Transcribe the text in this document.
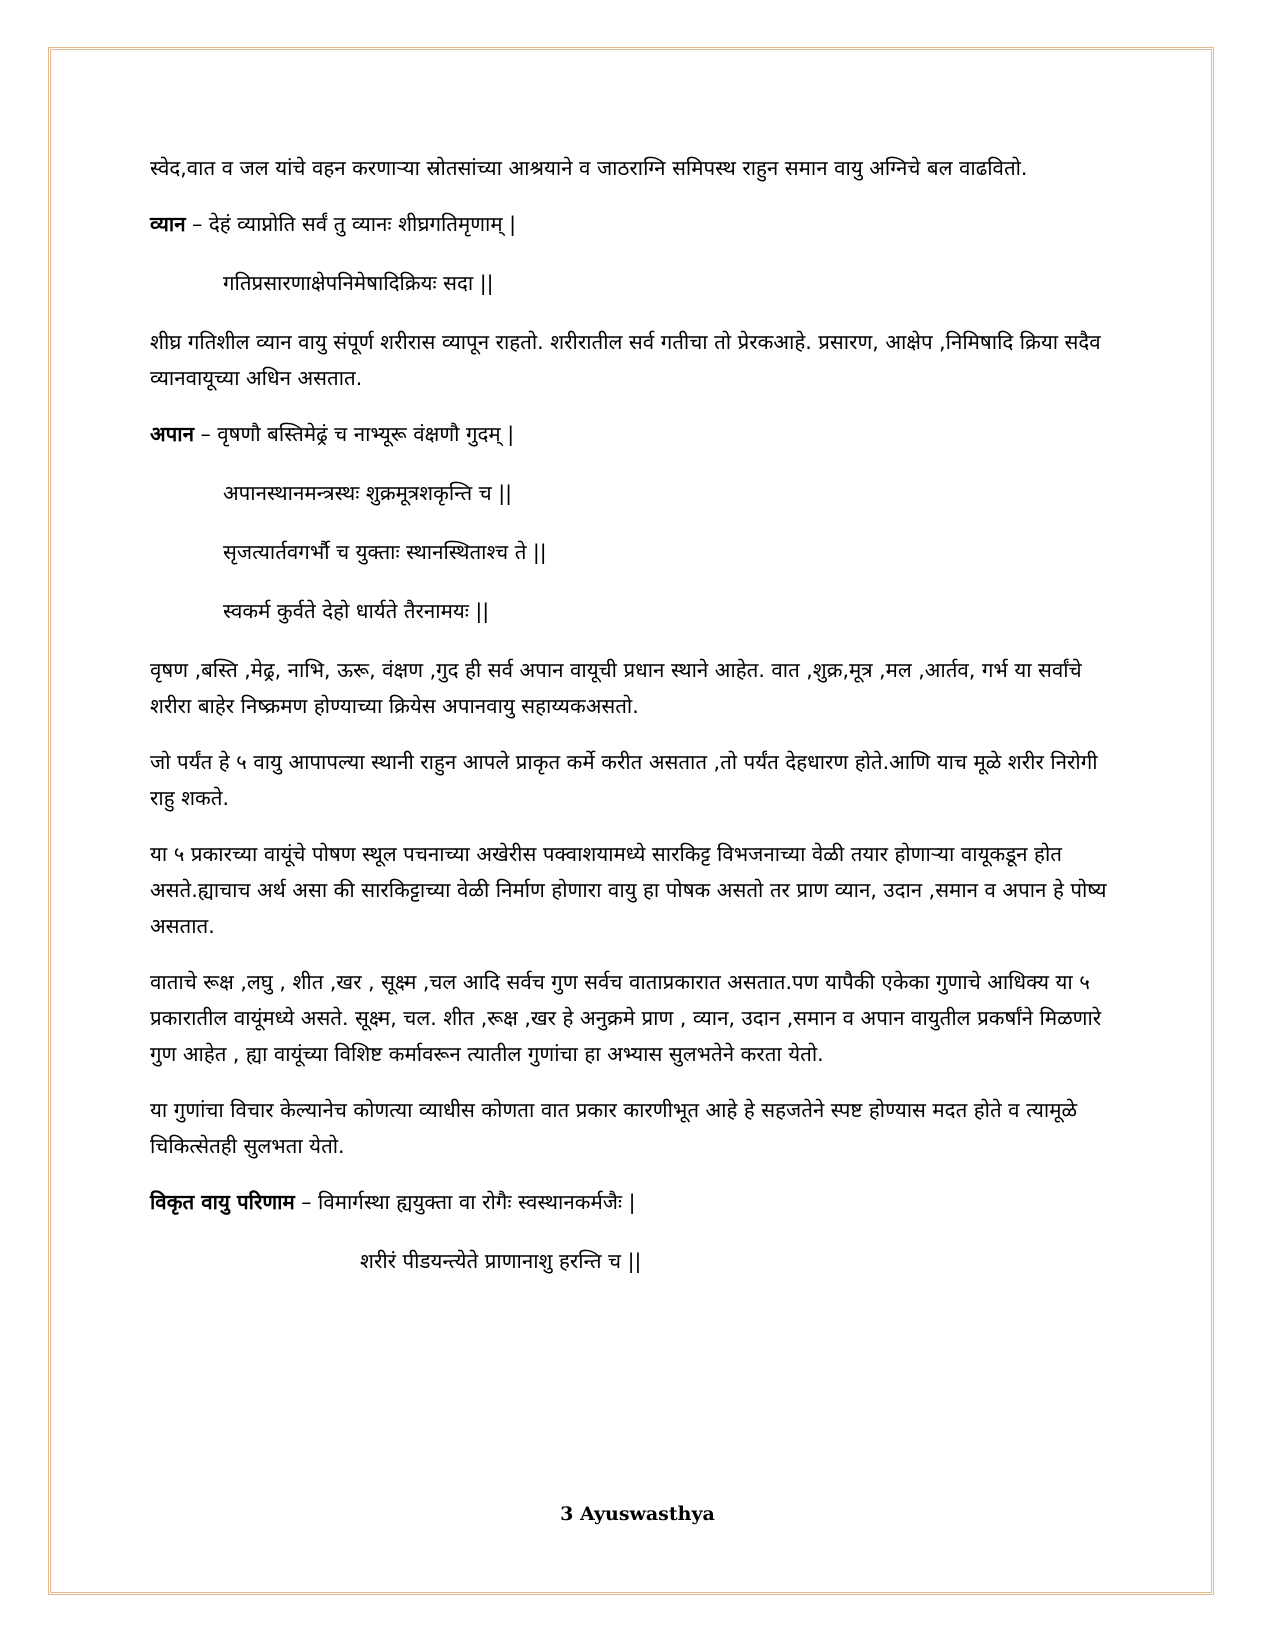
स्वेद,वात व जल यांचे वहन करणाऱ्या स्रोतसांच्या आश्रयाने व जाठराग्नि समिपस्थ राहुन समान वायु अग्निचे बल वाढवितो.

व्यान – देहं व्याप्नोति सर्वं तु व्यानः शीघ्रगतिमृणाम् |

गतिप्रसारणाक्षेपनिमेषादिक्रियः सदा ||

शीघ्र गतिशील व्यान वायु संपूर्ण शरीरास व्यापून राहतो. शरीरातील सर्व गतीचा तो प्रेरकआहे. प्रसारण, आक्षेप ,निमिषादि क्रिया सदैव व्यानवायूच्या अधिन असतात.

अपान – वृषणौ बस्तिमेढ्रं च नाभ्यूरू वंक्षणौ गुदम् |

अपानस्थानमन्त्रस्थः शुक्रमूत्रशकृन्ति च ||

सृजत्यार्तवगर्भौ च युक्ताः स्थानस्थिताश्च ते ||

स्वकर्म कुर्वते देहो धार्यते तैरनामयः ||

वृषण ,बस्ति ,मेढ्र, नाभि, ऊरू, वंक्षण ,गुद ही सर्व अपान वायूची प्रधान स्थाने आहेत. वात ,शुक्र,मूत्र ,मल ,आर्तव, गर्भ या सर्वांचे शरीरा बाहेर निष्क्रमण होण्याच्या क्रियेस अपानवायु सहाय्यकअसतो.

जो पर्यंत हे ५ वायु आपापल्या स्थानी राहुन आपले प्राकृत कर्मे करीत असतात ,तो पर्यंत देहधारण होते.आणि याच मूळे शरीर निरोगी राहु शकते.

या ५ प्रकारच्या वायूंचे पोषण स्थूल पचनाच्या अखेरीस पक्वाशयामध्ये सारकिट्ट विभजनाच्या वेळी तयार होणाऱ्या वायूकडून होत असते.ह्याचाच अर्थ असा की सारकिट्टाच्या वेळी निर्माण होणारा वायु हा पोषक असतो तर प्राण व्यान, उदान ,समान व अपान हे पोष्य असतात.

वाताचे रूक्ष ,लघु , शीत ,खर , सूक्ष्म ,चल आदि सर्वच गुण सर्वच वाताप्रकारात असतात.पण यापैकी एकेका गुणाचे आधिक्य या ५ प्रकारातील वायूंमध्ये असते. सूक्ष्म, चल. शीत ,रूक्ष ,खर हे अनुक्रमे प्राण , व्यान, उदान ,समान व अपान वायुतील प्रकर्षांने मिळणारे गुण आहेत , ह्या वायूंच्या विशिष्ट कर्मावरून त्यातील गुणांचा हा अभ्यास सुलभतेने करता येतो.

या गुणांचा विचार केल्यानेच कोणत्या व्याधीस कोणता वात प्रकार कारणीभूत आहे हे सहजतेने स्पष्ट होण्यास मदत होते व त्यामूळे चिकित्सेतही सुलभता येतो.

विकृत वायु परिणाम – विमार्गस्था ह्ययुक्ता वा रोगैः स्वस्थानकर्मजैः |

शरीरं पीडयन्त्येते प्राणानाशु हरन्ति च ||

3 Ayuswasthya
